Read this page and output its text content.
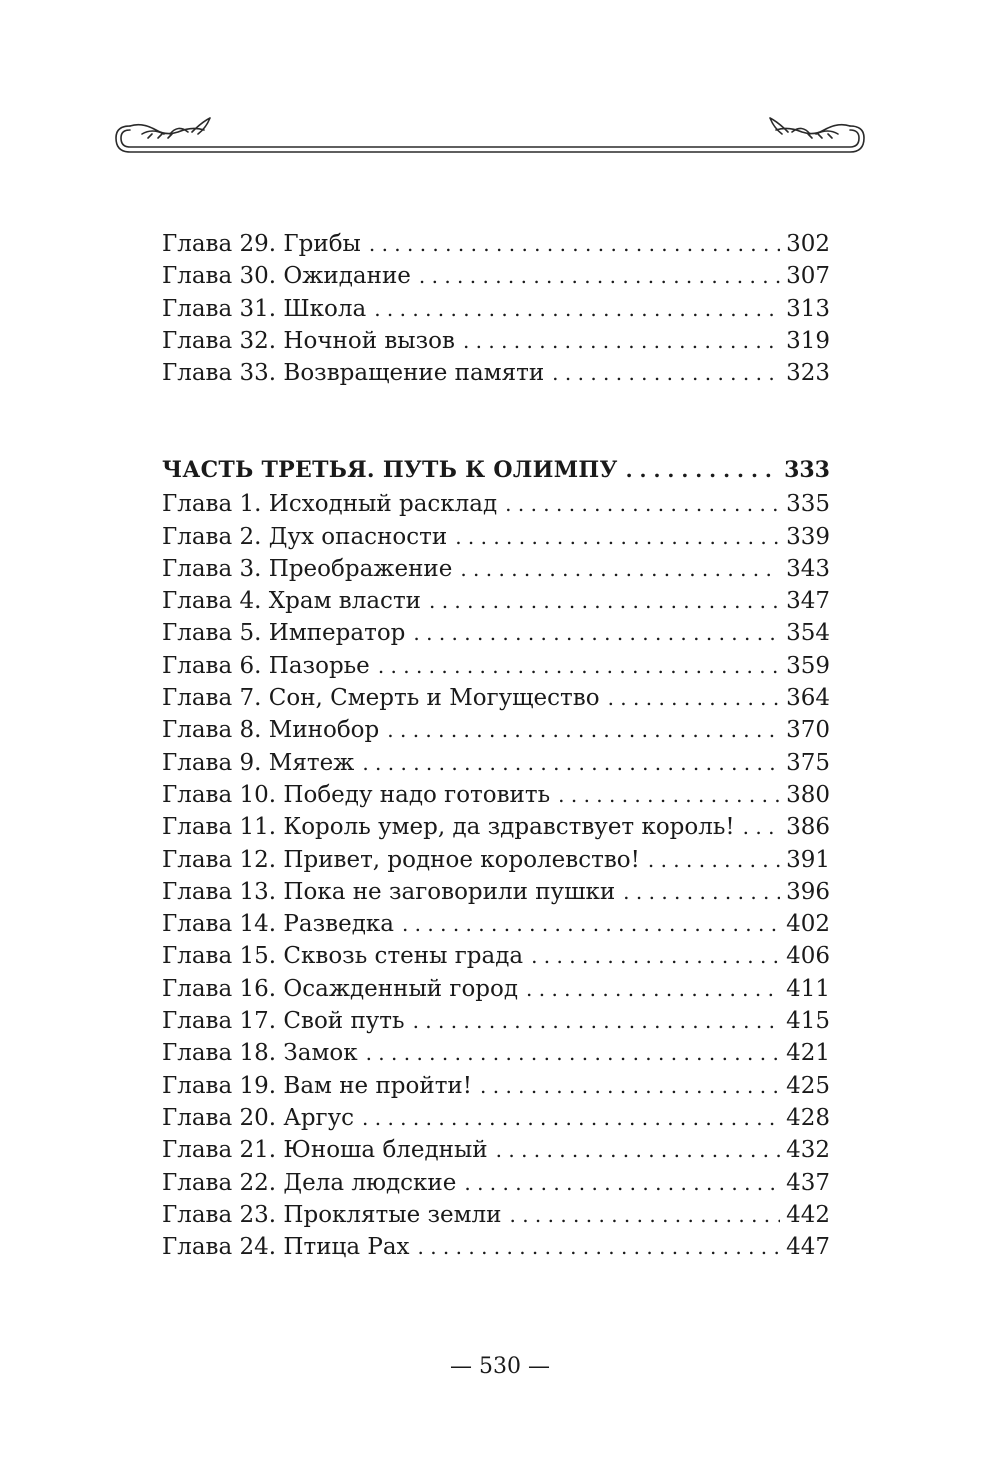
Глава 29. Грибы . . .	302
Глава 30. Ожидание . . .	307
Глава 31. Школа . . .	313
Глава 32. Ночной вызов . . .	319
Глава 33. Возвращение памяти . . .	323
ЧАСТЬ ТРЕТЬЯ. ПУТЬ К ОЛИМПУ . . .	333
Глава 1. Исходный расклад . . .	335
Глава 2. Дух опасности . . .	339
Глава 3. Преображение . . .	343
Глава 4. Храм власти . . .	347
Глава 5. Император . . .	354
Глава 6. Пазорье . . .	359
Глава 7. Сон, Смерть и Могущество . . .	364
Глава 8. Минобор . . .	370
Глава 9. Мятеж . . .	375
Глава 10. Победу надо готовить . . .	380
Глава 11. Король умер, да здравствует король! . . . 386
Глава 12. Привет, родное королевство! . . .	391
Глава 13. Пока не заговорили пушки . . .	396
Глава 14. Разведка . . .	402
Глава 15. Сквозь стены града . . .	406
Глава 16. Осажденный город . . .	411
Глава 17. Свой путь . . .	415
Глава 18. Замок . . .	421
Глава 19. Вам не пройти! . . .	425
Глава 20. Аргус . . .	428
Глава 21. Юноша бледный . . .	432
Глава 22. Дела людские . . .	437
Глава 23. Проклятые земли . . .	442
Глава 24. Птица Рах . . .	447
— 530 —
